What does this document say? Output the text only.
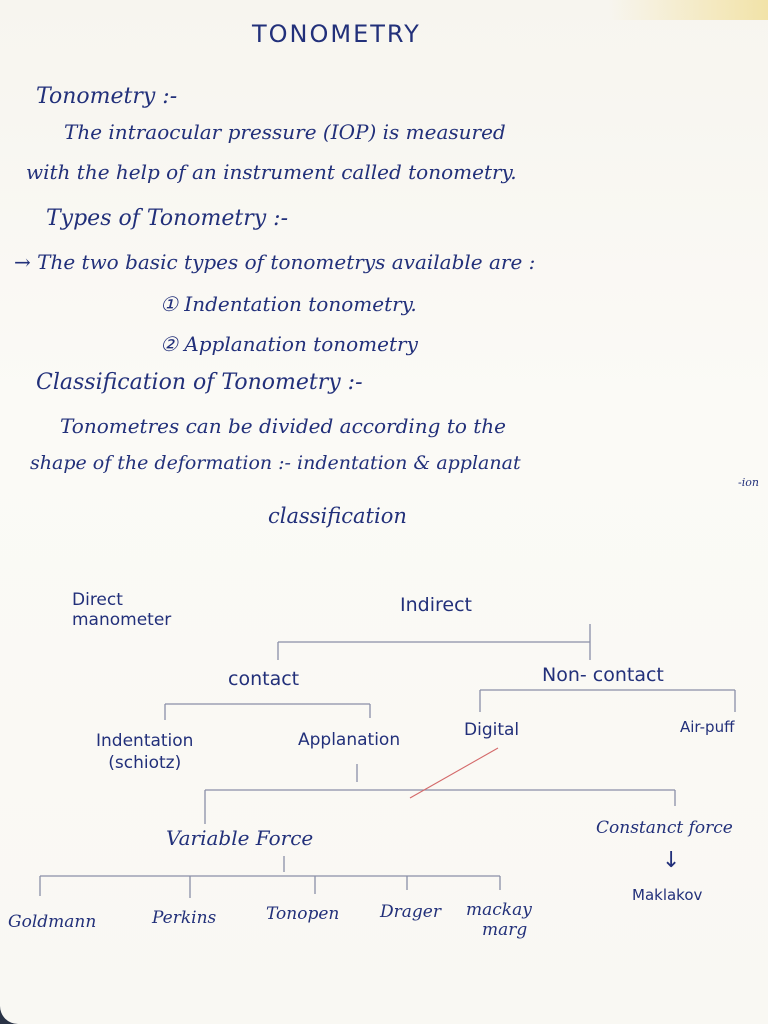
TONOMETRY
Tonometry :-
The intraocular pressure (IOP) is measured
with the help of an instrument called tonometry.
Types of Tonometry :-
→ The two basic types of tonometrys available are :
① Indentation tonometry.
② Applanation tonometry
Classification of Tonometry :-
Tonometres can be divided according to the
shape of the deformation :- indentation & applanat
-ion
classification
Direct
manometer
Indirect
contact	Non- contact
Indentation
(schiotz)
Applanation	Digital	Air-puff
Variable Force	Constanct force
↓
Maklakov
Goldmann	Perkins	Tonopen Drager mackay
marg
